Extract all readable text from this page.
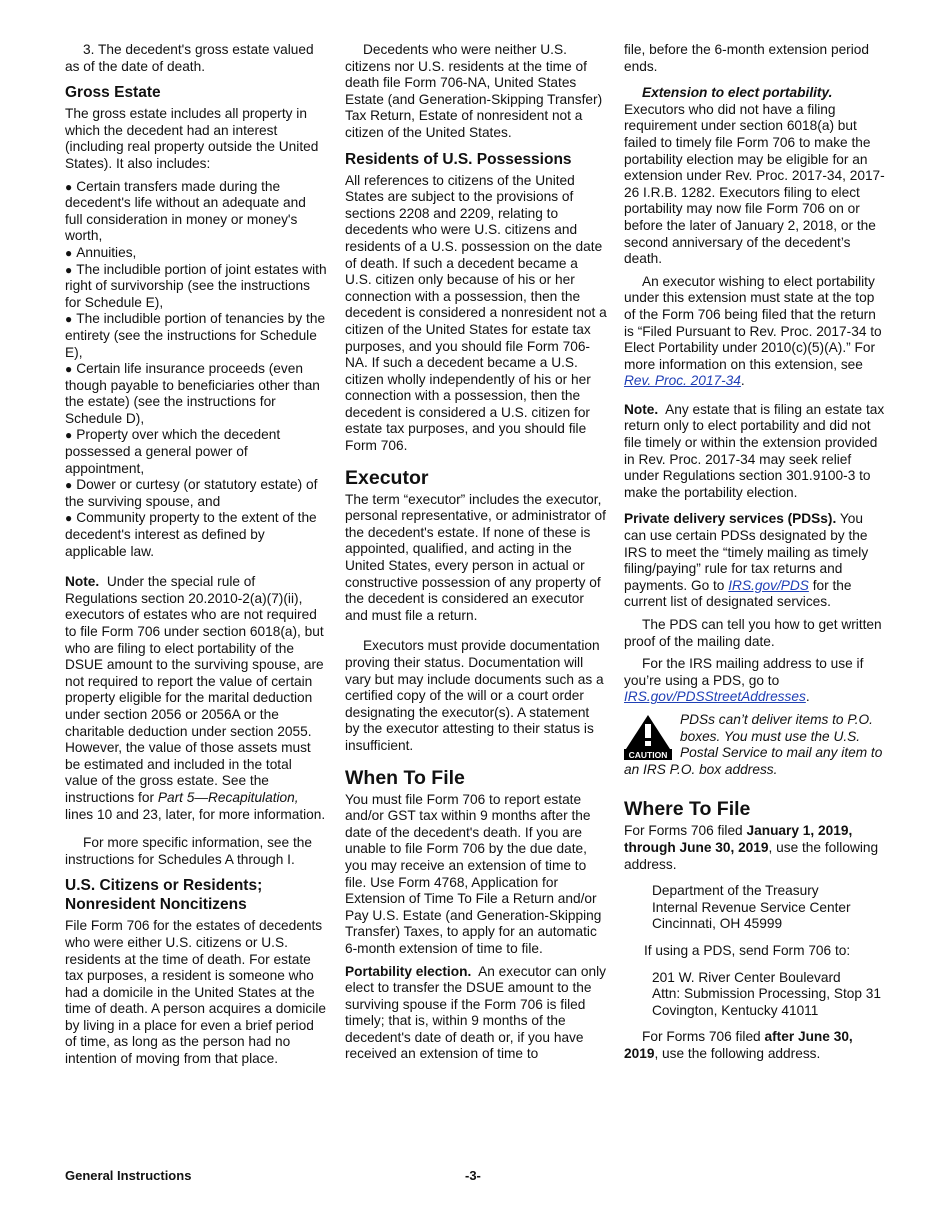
3. The decedent's gross estate valued as of the date of death.

Gross Estate

The gross estate includes all property in which the decedent had an interest (including real property outside the United States). It also includes:

● Certain transfers made during the decedent's life without an adequate and full consideration in money or money's worth,
● Annuities,
● The includible portion of joint estates with right of survivorship (see the instructions for Schedule E),
● The includible portion of tenancies by the entirety (see the instructions for Schedule E),
● Certain life insurance proceeds (even though payable to beneficiaries other than the estate) (see the instructions for Schedule D),
● Property over which the decedent possessed a general power of appointment,
● Dower or curtesy (or statutory estate) of the surviving spouse, and
● Community property to the extent of the decedent's interest as defined by applicable law.

Note. Under the special rule of Regulations section 20.2010-2(a)(7)(ii), executors of estates who are not required to file Form 706 under section 6018(a), but who are filing to elect portability of the DSUE amount to the surviving spouse, are not required to report the value of certain property eligible for the marital deduction under section 2056 or 2056A or the charitable deduction under section 2055. However, the value of those assets must be estimated and included in the total value of the gross estate. See the instructions for Part 5—Recapitulation, lines 10 and 23, later, for more information.

For more specific information, see the instructions for Schedules A through I.

U.S. Citizens or Residents; Nonresident Noncitizens

File Form 706 for the estates of decedents who were either U.S. citizens or U.S. residents at the time of death. For estate tax purposes, a resident is someone who had a domicile in the United States at the time of death. A person acquires a domicile by living in a place for even a brief period of time, as long as the person had no intention of moving from that place.

Decedents who were neither U.S. citizens nor U.S. residents at the time of death file Form 706-NA, United States Estate (and Generation-Skipping Transfer) Tax Return, Estate of nonresident not a citizen of the United States.

Residents of U.S. Possessions

All references to citizens of the United States are subject to the provisions of sections 2208 and 2209, relating to decedents who were U.S. citizens and residents of a U.S. possession on the date of death. If such a decedent became a U.S. citizen only because of his or her connection with a possession, then the decedent is considered a nonresident not a citizen of the United States for estate tax purposes, and you should file Form 706-NA. If such a decedent became a U.S. citizen wholly independently of his or her connection with a possession, then the decedent is considered a U.S. citizen for estate tax purposes, and you should file Form 706.

Executor

The term “executor” includes the executor, personal representative, or administrator of the decedent's estate. If none of these is appointed, qualified, and acting in the United States, every person in actual or constructive possession of any property of the decedent is considered an executor and must file a return.

Executors must provide documentation proving their status. Documentation will vary but may include documents such as a certified copy of the will or a court order designating the executor(s). A statement by the executor attesting to their status is insufficient.

When To File

You must file Form 706 to report estate and/or GST tax within 9 months after the date of the decedent's death. If you are unable to file Form 706 by the due date, you may receive an extension of time to file. Use Form 4768, Application for Extension of Time To File a Return and/or Pay U.S. Estate (and Generation-Skipping Transfer) Taxes, to apply for an automatic 6-month extension of time to file.

Portability election. An executor can only elect to transfer the DSUE amount to the surviving spouse if the Form 706 is filed timely; that is, within 9 months of the decedent's date of death or, if you have received an extension of time to

file, before the 6-month extension period ends.

Extension to elect portability.

Executors who did not have a filing requirement under section 6018(a) but failed to timely file Form 706 to make the portability election may be eligible for an extension under Rev. Proc. 2017-34, 2017-26 I.R.B. 1282. Executors filing to elect portability may now file Form 706 on or before the later of January 2, 2018, or the second anniversary of the decedent’s death.

An executor wishing to elect portability under this extension must state at the top of the Form 706 being filed that the return is “Filed Pursuant to Rev. Proc. 2017-34 to Elect Portability under 2010(c)(5)(A).” For more information on this extension, see Rev. Proc. 2017-34.

Note. Any estate that is filing an estate tax return only to elect portability and did not file timely or within the extension provided in Rev. Proc. 2017-34 may seek relief under Regulations section 301.9100-3 to make the portability election.

Private delivery services (PDSs). You can use certain PDSs designated by the IRS to meet the “timely mailing as timely filing/paying” rule for tax returns and payments. Go to IRS.gov/PDS for the current list of designated services.

The PDS can tell you how to get written proof of the mailing date.

For the IRS mailing address to use if you’re using a PDS, go to IRS.gov/PDSStreetAddresses.

CAUTION
PDSs can’t deliver items to P.O. boxes. You must use the U.S. Postal Service to mail any item to an IRS P.O. box address.
Where To File

For Forms 706 filed January 1, 2019, through June 30, 2019, use the following address.

Department of the Treasury
Internal Revenue Service Center
Cincinnati, OH 45999

If using a PDS, send Form 706 to:

201 W. River Center Boulevard
Attn: Submission Processing, Stop 31
Covington, Kentucky 41011

For Forms 706 filed after June 30, 2019, use the following address.

General Instructions	-3-
